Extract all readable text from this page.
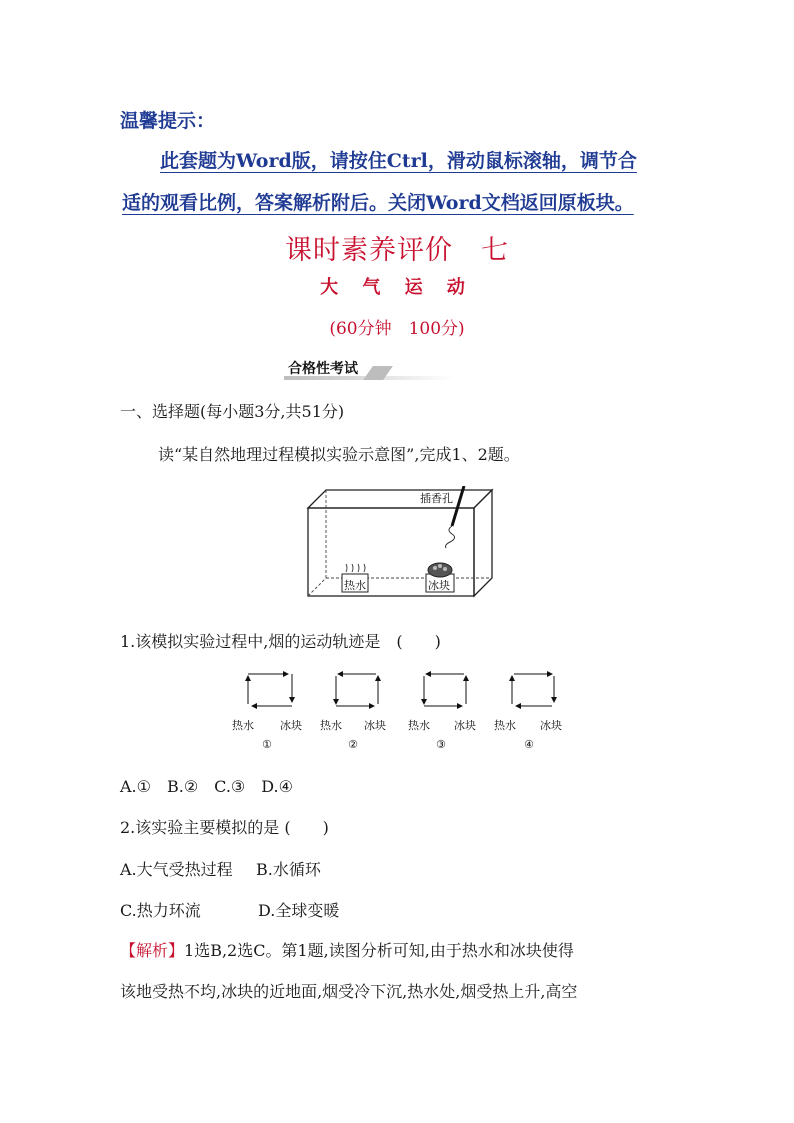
温馨提示：
此套题为Word版，请按住Ctrl，滑动鼠标滚轴，调节合
适的观看比例，答案解析附后。关闭Word文档返回原板块。
课时素养评价　七
大 气 运 动
(60分钟　100分)
合格性考试
一、选择题(每小题3分,共51分)
读“某自然地理过程模拟实验示意图”,完成1、2题。
插香孔
热水	冰块
1.该模拟实验过程中,烟的运动轨迹是　(　　)
热水 冰块
①
热水 冰块
②
热水 冰块
③
热水 冰块
④
A.①　B.②　C.③　D.④
2.该实验主要模拟的是 (　　)
A.大气受热过程 B.水循环
C.热力环流	D.全球变暖
【解析】1选B,2选C。第1题,读图分析可知,由于热水和冰块使得
该地受热不均,冰块的近地面,烟受冷下沉,热水处,烟受热上升,高空
